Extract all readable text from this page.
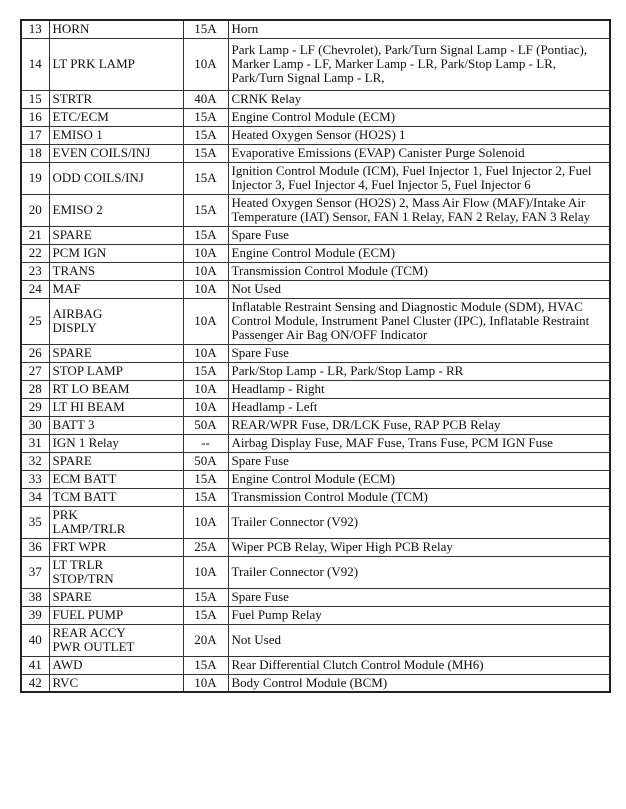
13	HORN	15A	Horn
14	LT PRK LAMP	10A	Park Lamp - LF (Chevrolet), Park/Turn Signal Lamp - LF (Pontiac),
Marker Lamp - LF, Marker Lamp - LR, Park/Stop Lamp - LR,
Park/Turn Signal Lamp - LR,
15	STRTR	40A	CRNK Relay
16	ETC/ECM	15A	Engine Control Module (ECM)
17	EMISO 1	15A	Heated Oxygen Sensor (HO2S) 1
18	EVEN COILS/INJ	15A	Evaporative Emissions (EVAP) Canister Purge Solenoid
19	ODD COILS/INJ	15A	Ignition Control Module (ICM), Fuel Injector 1, Fuel Injector 2, Fuel
Injector 3, Fuel Injector 4, Fuel Injector 5, Fuel Injector 6
20	EMISO 2	15A	Heated Oxygen Sensor (HO2S) 2, Mass Air Flow (MAF)/Intake Air
Temperature (IAT) Sensor, FAN 1 Relay, FAN 2 Relay, FAN 3 Relay
21	SPARE	15A	Spare Fuse
22	PCM IGN	10A	Engine Control Module (ECM)
23	TRANS	10A	Transmission Control Module (TCM)
24	MAF	10A	Not Used
25	AIRBAG
DISPLY	10A	Inflatable Restraint Sensing and Diagnostic Module (SDM), HVAC
Control Module, Instrument Panel Cluster (IPC), Inflatable Restraint
Passenger Air Bag ON/OFF Indicator
26	SPARE	10A	Spare Fuse
27	STOP LAMP	15A	Park/Stop Lamp - LR, Park/Stop Lamp - RR
28	RT LO BEAM	10A	Headlamp - Right
29	LT HI BEAM	10A	Headlamp - Left
30	BATT 3	50A	REAR/WPR Fuse, DR/LCK Fuse, RAP PCB Relay
31	IGN 1 Relay	--	Airbag Display Fuse, MAF Fuse, Trans Fuse, PCM IGN Fuse
32	SPARE	50A	Spare Fuse
33	ECM BATT	15A	Engine Control Module (ECM)
34	TCM BATT	15A	Transmission Control Module (TCM)
35	PRK
LAMP/TRLR	10A	Trailer Connector (V92)
36	FRT WPR	25A	Wiper PCB Relay, Wiper High PCB Relay
37	LT TRLR
STOP/TRN	10A	Trailer Connector (V92)
38	SPARE	15A	Spare Fuse
39	FUEL PUMP	15A	Fuel Pump Relay
40	REAR ACCY
PWR OUTLET	20A	Not Used
41	AWD	15A	Rear Differential Clutch Control Module (MH6)
42	RVC	10A	Body Control Module (BCM)
